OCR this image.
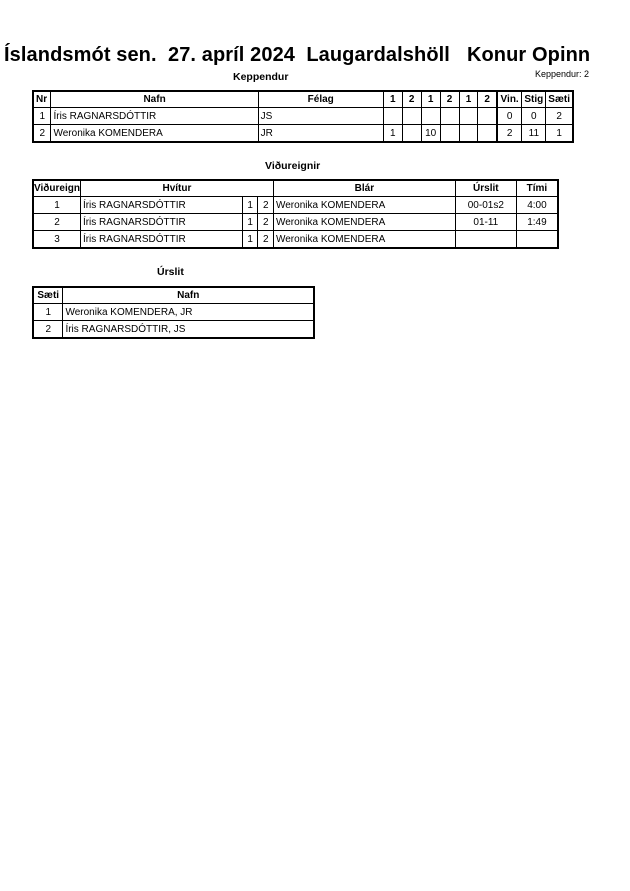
Íslandsmót sen.  27. apríl 2024  Laugardalshöll   Konur Opinn
Keppendur: 2
Keppendur
Nr	Nafn	Félag	1	2	1	2	1	2	Vin.	Stig	Sæti
1	Íris RAGNARSDÓTTIR	JS							0	0	2
2	Weronika KOMENDERA	JR	1		10				2	11	1
Viðureignir
Viðureign	Hvítur			Blár	Úrslit	Tími
1	Íris RAGNARSDÓTTIR	1	2	Weronika KOMENDERA	00-01s2	4:00
2	Íris RAGNARSDÓTTIR	1	2	Weronika KOMENDERA	01-11	1:49
3	Íris RAGNARSDÓTTIR	1	2	Weronika KOMENDERA		
Úrslit
Sæti	Nafn
1	Weronika KOMENDERA, JR
2	Íris RAGNARSDÓTTIR, JS
